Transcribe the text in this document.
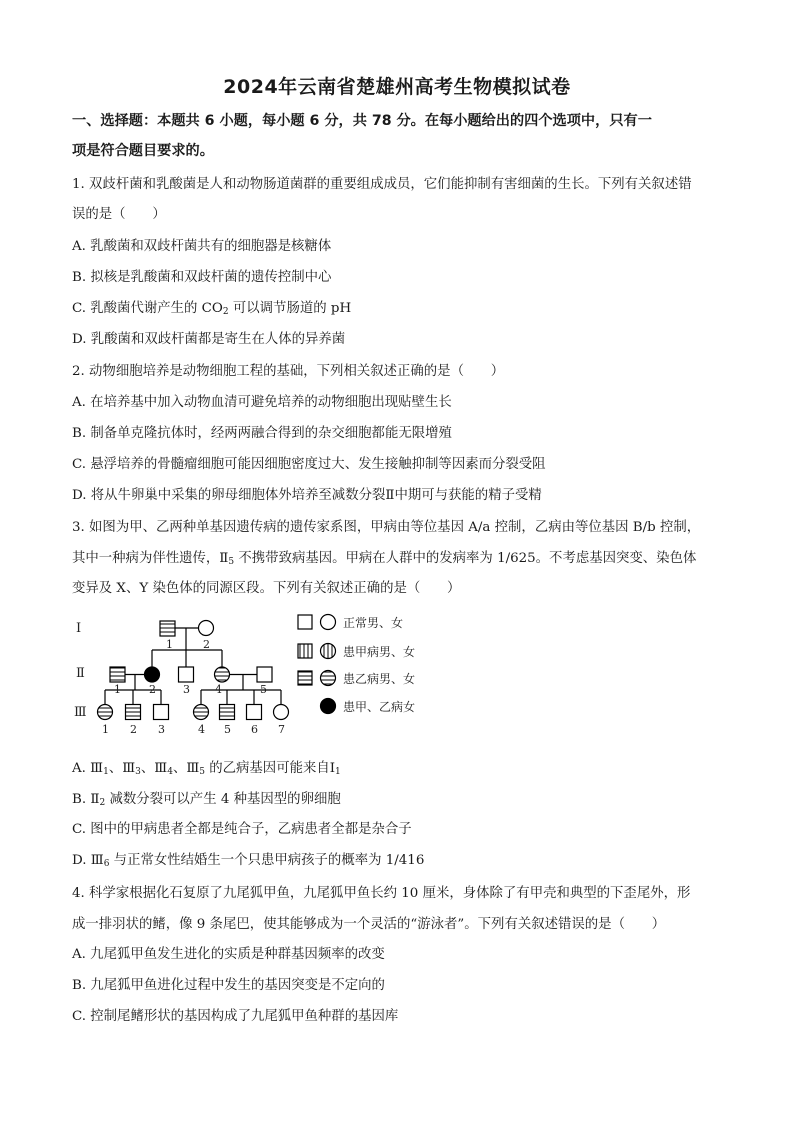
2024年云南省楚雄州高考生物模拟试卷
一、选择题：本题共 6 小题，每小题 6 分，共 78 分。在每小题给出的四个选项中，只有一
项是符合题目要求的。
1. 双歧杆菌和乳酸菌是人和动物肠道菌群的重要组成成员，它们能抑制有害细菌的生长。下列有关叙述错
误的是（　　）
A. 乳酸菌和双歧杆菌共有的细胞器是核糖体
B. 拟核是乳酸菌和双歧杆菌的遗传控制中心
C. 乳酸菌代谢产生的 $CO_2$ 可以调节肠道的 pH
D. 乳酸菌和双歧杆菌都是寄生在人体的异养菌
2. 动物细胞培养是动物细胞工程的基础，下列相关叙述正确的是（　　）
A. 在培养基中加入动物血清可避免培养的动物细胞出现贴壁生长
B. 制备单克隆抗体时，经两两融合得到的杂交细胞都能无限增殖
C. 悬浮培养的骨髓瘤细胞可能因细胞密度过大、发生接触抑制等因素而分裂受阻
D. 将从牛卵巢中采集的卵母细胞体外培养至减数分裂Ⅱ中期可与获能的精子受精
3. 如图为甲、乙两种单基因遗传病的遗传家系图，甲病由等位基因 A/a 控制，乙病由等位基因 B/b 控制，
其中一种病为伴性遗传，$Ⅱ_5$ 不携带致病基因。甲病在人群中的发病率为 1/625。不考虑基因突变、染色体
变异及 X、Y 染色体的同源区段。下列有关叙述正确的是（　　）
Ⅰ
Ⅱ
Ⅲ
1	2
1	2 3 4	5
1 2 3	4 5 6 7
正常男、女
患甲病男、女
患乙病男、女
患甲、乙病女
A. $Ⅲ_1$、$Ⅲ_3$、$Ⅲ_4$、$Ⅲ_5$ 的乙病基因可能来自$Ⅰ_1$
B. $Ⅱ_2$ 减数分裂可以产生 4 种基因型的卵细胞
C. 图中的甲病患者全都是纯合子，乙病患者全都是杂合子
D. $Ⅲ_6$ 与正常女性结婚生一个只患甲病孩子的概率为 1/416
4. 科学家根据化石复原了九尾狐甲鱼，九尾狐甲鱼长约 10 厘米，身体除了有甲壳和典型的下歪尾外，形
成一排羽状的鳍，像 9 条尾巴，使其能够成为一个灵活的“游泳者”。下列有关叙述错误的是（　　）
A. 九尾狐甲鱼发生进化的实质是种群基因频率的改变
B. 九尾狐甲鱼进化过程中发生的基因突变是不定向的
C. 控制尾鳍形状的基因构成了九尾狐甲鱼种群的基因库
